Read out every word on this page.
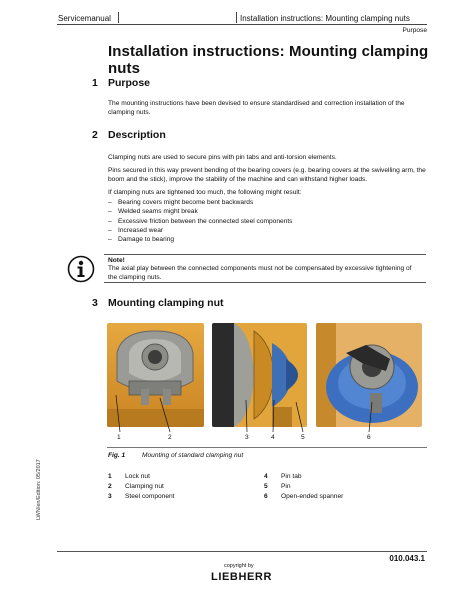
Servicemanual	Installation instructions: Mounting clamping nuts
Purpose
Installation instructions: Mounting clamping nuts
1 Purpose
The mounting instructions have been devised to ensure standardised and correction installation of the clamping nuts.
2 Description
Clamping nuts are used to secure pins with pin tabs and anti-torsion elements.
Pins secured in this way prevent bending of the bearing covers (e.g. bearing covers at the swivelling arm, the boom and the stick), improve the stability of the machine and can withstand higher loads.
If clamping nuts are tightened too much, the following might result:
– Bearing covers might become bent backwards
– Welded seams might break
– Excessive friction between the connected steel components
– Increased wear
– Damage to bearing
Note!
The axial play between the connected components must not be compensated by excessive tightening of the clamping nuts.
3 Mounting clamping nut
1	2	3	4	5	6
Fig. 1	Mounting of standard clamping nut
1	Lock nut
2	Clamping nut
3	Steel component
4	Pin tab
5	Pin
6	Open-ended spanner
LWN/en/Edition: 05/2017
010.043.1
copyright by
LIEBHERR
